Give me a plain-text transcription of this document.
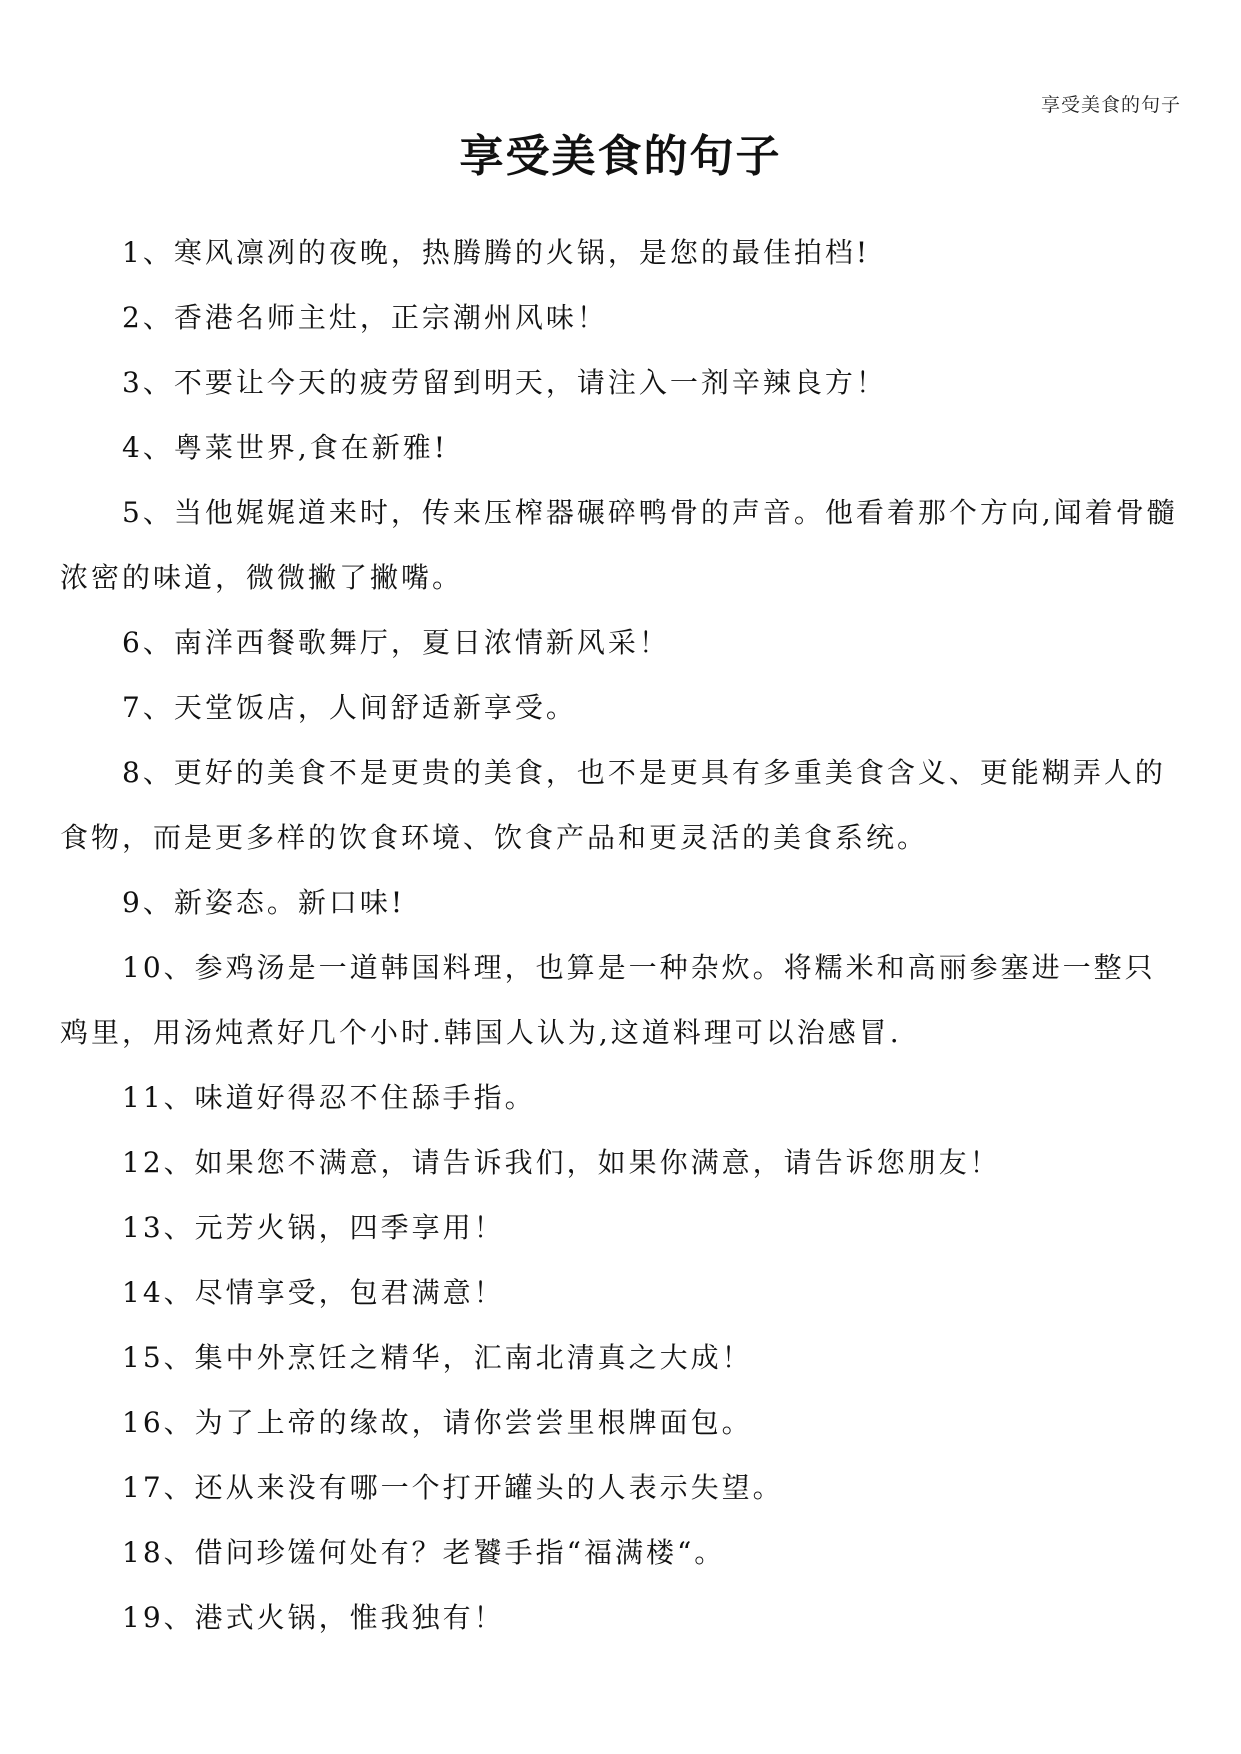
享受美食的句子
享受美食的句子

1、寒风凛冽的夜晚，热腾腾的火锅，是您的最佳拍档!

2、香港名师主灶，正宗潮州风味！

3、不要让今天的疲劳留到明天，请注入一剂辛辣良方！

4、粤菜世界,食在新雅!

5、当他娓娓道来时，传来压榨器碾碎鸭骨的声音。他看着那个方向,闻着骨髓浓密的味道，微微撇了撇嘴。

6、南洋西餐歌舞厅，夏日浓情新风采！

7、天堂饭店，人间舒适新享受。

8、更好的美食不是更贵的美食，也不是更具有多重美食含义、更能糊弄人的食物，而是更多样的饮食环境、饮食产品和更灵活的美食系统。

9、新姿态。新口味!

10、参鸡汤是一道韩国料理，也算是一种杂炊。将糯米和高丽参塞进一整只鸡里，用汤炖煮好几个小时.韩国人认为,这道料理可以治感冒.

11、味道好得忍不住舔手指。

12、如果您不满意，请告诉我们，如果你满意，请告诉您朋友！

13、元芳火锅，四季享用！

14、尽情享受，包君满意！

15、集中外烹饪之精华，汇南北清真之大成！

16、为了上帝的缘故，请你尝尝里根牌面包。

17、还从来没有哪一个打开罐头的人表示失望。

18、借问珍馐何处有？老饕手指“福满楼“。

19、港式火锅，惟我独有！
